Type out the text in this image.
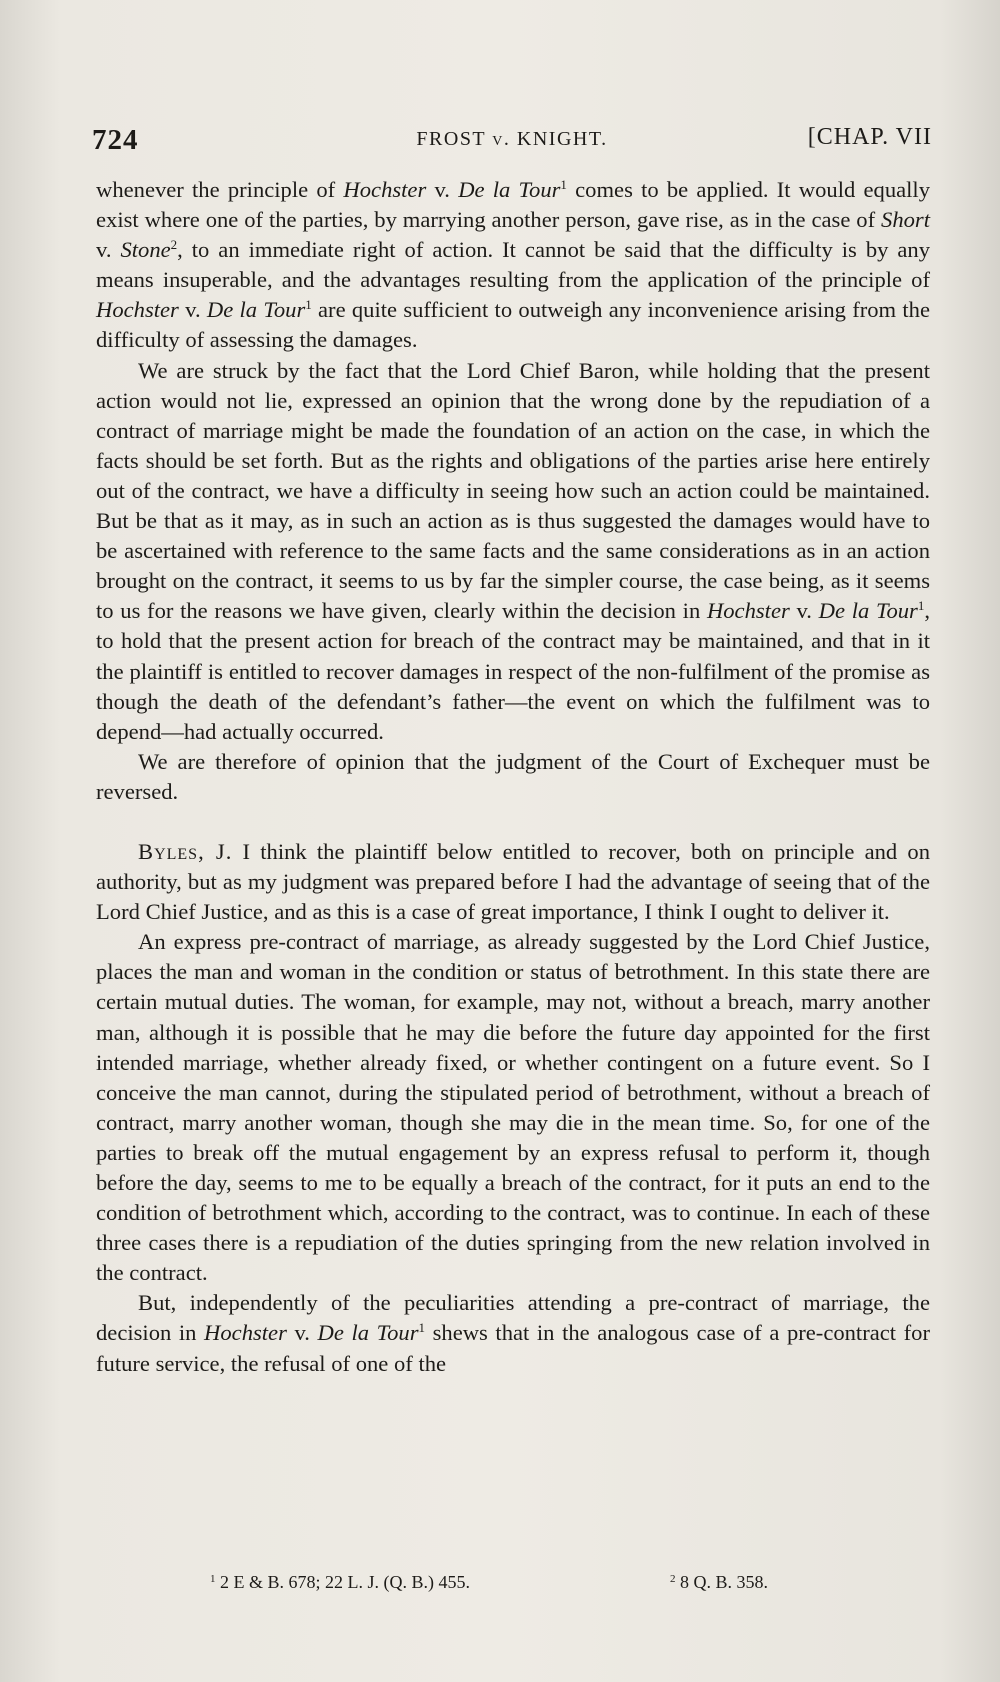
724	FROST v. KNIGHT.	[CHAP. VII

whenever the principle of Hochster v. De la Tour$^1$ comes to be applied. It would equally exist where one of the parties, by marrying another person, gave rise, as in the case of Short v. Stone$^2$, to an immediate right of action. It cannot be said that the difficulty is by any means insuperable, and the advantages resulting from the application of the principle of Hochster v. De la Tour$^1$ are quite sufficient to outweigh any inconvenience arising from the difficulty of assessing the damages.

We are struck by the fact that the Lord Chief Baron, while holding that the present action would not lie, expressed an opinion that the wrong done by the repudiation of a contract of marriage might be made the foundation of an action on the case, in which the facts should be set forth. But as the rights and obligations of the parties arise here entirely out of the contract, we have a difficulty in seeing how such an action could be maintained. But be that as it may, as in such an action as is thus suggested the damages would have to be ascertained with reference to the same facts and the same considerations as in an action brought on the contract, it seems to us by far the simpler course, the case being, as it seems to us for the reasons we have given, clearly within the decision in Hochster v. De la Tour$^1$, to hold that the present action for breach of the contract may be maintained, and that in it the plaintiff is entitled to recover damages in respect of the non-fulfilment of the promise as though the death of the defendant’s father—the event on which the fulfilment was to depend—had actually occurred.

We are therefore of opinion that the judgment of the Court of Exchequer must be reversed.

Byles, J. I think the plaintiff below entitled to recover, both on principle and on authority, but as my judgment was prepared before I had the advantage of seeing that of the Lord Chief Justice, and as this is a case of great importance, I think I ought to deliver it.

An express pre-contract of marriage, as already suggested by the Lord Chief Justice, places the man and woman in the condition or status of betrothment. In this state there are certain mutual duties. The woman, for example, may not, without a breach, marry another man, although it is possible that he may die before the future day appointed for the first intended marriage, whether already fixed, or whether contingent on a future event. So I conceive the man cannot, during the stipulated period of betrothment, without a breach of contract, marry another woman, though she may die in the mean time. So, for one of the parties to break off the mutual engagement by an express refusal to perform it, though before the day, seems to me to be equally a breach of the contract, for it puts an end to the condition of betrothment which, according to the contract, was to continue. In each of these three cases there is a repudiation of the duties springing from the new relation involved in the contract.

But, independently of the peculiarities attending a pre-contract of marriage, the decision in Hochster v. De la Tour$^1$ shews that in the analogous case of a pre-contract for future service, the refusal of one of the

$^1$ 2 E & B. 678; 22 L. J. (Q. B.) 455.	$^2$ 8 Q. B. 358.
